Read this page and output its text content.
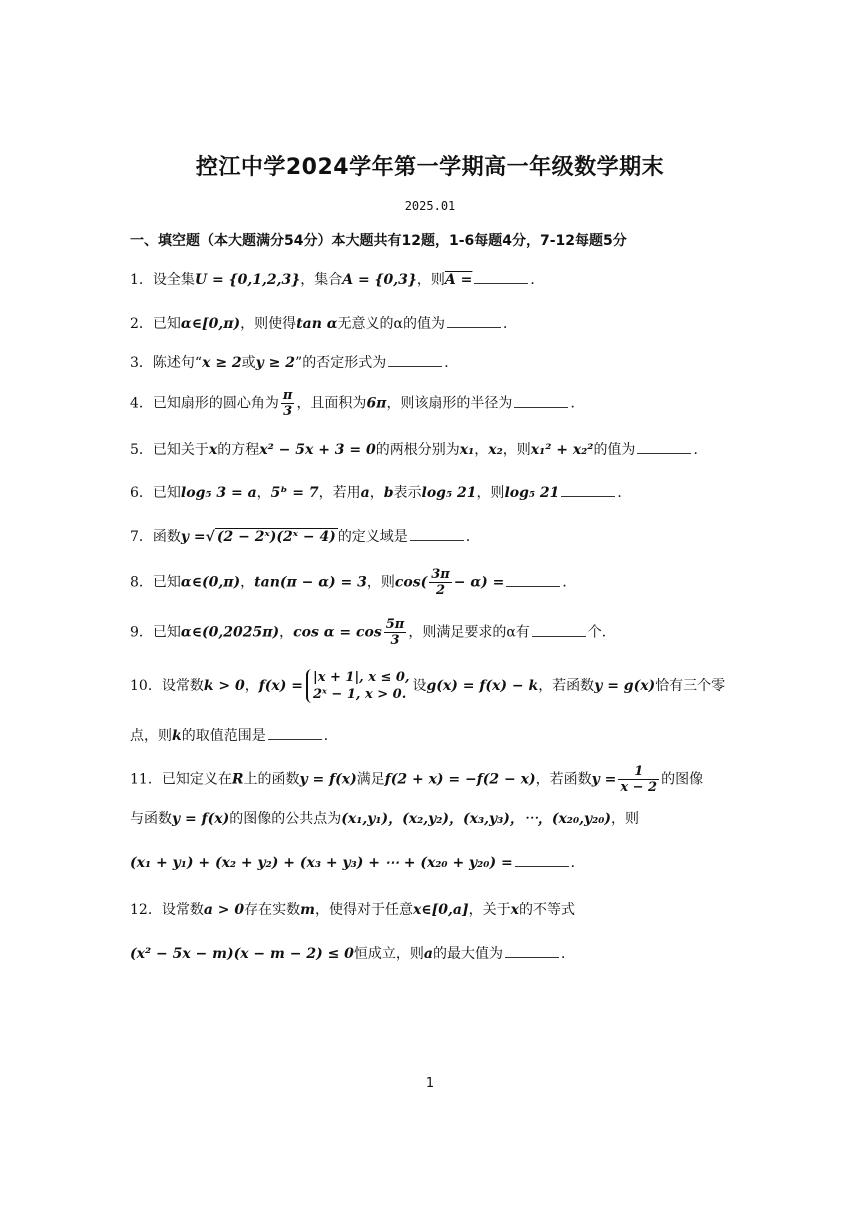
控江中学2024学年第一学期高一年级数学期末
2025.01
一、填空题（本大题满分54分）本大题共有12题，1-6每题4分，7-12每题5分
1．设全集U = {0,1,2,3}，集合A = {0,3}，则A =	．
2．已知α∈[0,π)，则使得tan α无意义的α的值为	．
3．陈述句“x ≥ 2或y ≥ 2”的否定形式为	．
4．已知扇形的圆心角为 $\frac{\pi}{3}$ ，且面积为6π，则该扇形的半径为	．
5．已知关于x的方程x² − 5x + 3 = 0的两根分别为x₁，x₂，则x₁² + x₂²的值为	．
6．已知log₅ 3 = a，5ᵇ = 7，若用a，b表示log₅ 21，则log₅ 21	．
7．函数y =√ (2 − 2ˣ)(2ˣ − 4) 的定义域是	．
8．已知α∈(0,π)，tan(π − α) = 3，则$\cos( \frac{3\pi}{2} - \alpha)$ =	．
9．已知α∈(0,2025π)，$\cos \alpha = \cos \frac{5\pi}{3}$ ，则满足要求的α有	个．
10．设常数k > 0，f(x) =
|x + 1|, x ≤ 0,
2ˣ − 1, x > 0.
设g(x) = f(x) − k，若函数y = g(x)恰有三个零
点，则k的取值范围是	．
11．已知定义在R上的函数y = f(x)满足f(2 + x) = −f(2 − x)，若函数$y = \frac{1}{x - 2}$ 的图像
与函数y = f(x)的图像的公共点为(x₁,y₁)，(x₂,y₂)，(x₃,y₃)，⋯，(x₂₀,y₂₀)，则
(x₁ + y₁) + (x₂ + y₂) + (x₃ + y₃) + ⋯ + (x₂₀ + y₂₀) =	．
12．设常数a > 0存在实数m，使得对于任意x∈[0,a]，关于x的不等式
(x² − 5x − m)(x − m − 2) ≤ 0恒成立，则a的最大值为	．
1
